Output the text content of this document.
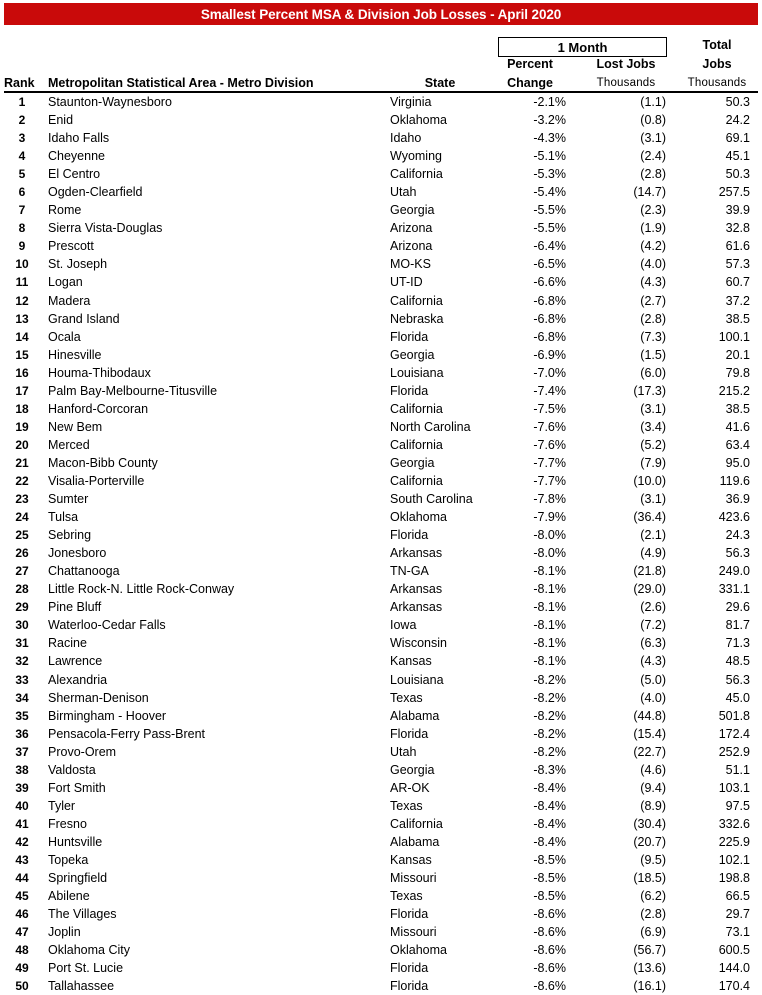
Smallest Percent MSA & Division Job Losses - April 2020
1 Month	Total
Jobs
Thousands
Percent
Change
Lost Jobs
Thousands
Rank	Metropolitan Statistical Area - Metro Division	State
1	Staunton-Waynesboro	Virginia	-2.1%	(1.1)	50.3
2	Enid	Oklahoma	-3.2%	(0.8)	24.2
3	Idaho Falls	Idaho	-4.3%	(3.1)	69.1
4	Cheyenne	Wyoming	-5.1%	(2.4)	45.1
5	El Centro	California	-5.3%	(2.8)	50.3
6	Ogden-Clearfield	Utah	-5.4%	(14.7)	257.5
7	Rome	Georgia	-5.5%	(2.3)	39.9
8	Sierra Vista-Douglas	Arizona	-5.5%	(1.9)	32.8
9	Prescott	Arizona	-6.4%	(4.2)	61.6
10	St. Joseph	MO-KS	-6.5%	(4.0)	57.3
11	Logan	UT-ID	-6.6%	(4.3)	60.7
12	Madera	California	-6.8%	(2.7)	37.2
13	Grand Island	Nebraska	-6.8%	(2.8)	38.5
14	Ocala	Florida	-6.8%	(7.3)	100.1
15	Hinesville	Georgia	-6.9%	(1.5)	20.1
16	Houma-Thibodaux	Louisiana	-7.0%	(6.0)	79.8
17	Palm Bay-Melbourne-Titusville	Florida	-7.4%	(17.3)	215.2
18	Hanford-Corcoran	California	-7.5%	(3.1)	38.5
19	New Bem	North Carolina	-7.6%	(3.4)	41.6
20	Merced	California	-7.6%	(5.2)	63.4
21	Macon-Bibb County	Georgia	-7.7%	(7.9)	95.0
22	Visalia-Porterville	California	-7.7%	(10.0)	119.6
23	Sumter	South Carolina	-7.8%	(3.1)	36.9
24	Tulsa	Oklahoma	-7.9%	(36.4)	423.6
25	Sebring	Florida	-8.0%	(2.1)	24.3
26	Jonesboro	Arkansas	-8.0%	(4.9)	56.3
27	Chattanooga	TN-GA	-8.1%	(21.8)	249.0
28	Little Rock-N. Little Rock-Conway	Arkansas	-8.1%	(29.0)	331.1
29	Pine Bluff	Arkansas	-8.1%	(2.6)	29.6
30	Waterloo-Cedar Falls	Iowa	-8.1%	(7.2)	81.7
31	Racine	Wisconsin	-8.1%	(6.3)	71.3
32	Lawrence	Kansas	-8.1%	(4.3)	48.5
33	Alexandria	Louisiana	-8.2%	(5.0)	56.3
34	Sherman-Denison	Texas	-8.2%	(4.0)	45.0
35	Birmingham - Hoover	Alabama	-8.2%	(44.8)	501.8
36	Pensacola-Ferry Pass-Brent	Florida	-8.2%	(15.4)	172.4
37	Provo-Orem	Utah	-8.2%	(22.7)	252.9
38	Valdosta	Georgia	-8.3%	(4.6)	51.1
39	Fort Smith	AR-OK	-8.4%	(9.4)	103.1
40	Tyler	Texas	-8.4%	(8.9)	97.5
41	Fresno	California	-8.4%	(30.4)	332.6
42	Huntsville	Alabama	-8.4%	(20.7)	225.9
43	Topeka	Kansas	-8.5%	(9.5)	102.1
44	Springfield	Missouri	-8.5%	(18.5)	198.8
45	Abilene	Texas	-8.5%	(6.2)	66.5
46	The Villages	Florida	-8.6%	(2.8)	29.7
47	Joplin	Missouri	-8.6%	(6.9)	73.1
48	Oklahoma City	Oklahoma	-8.6%	(56.7)	600.5
49	Port St. Lucie	Florida	-8.6%	(13.6)	144.0
50	Tallahassee	Florida	-8.6%	(16.1)	170.4
